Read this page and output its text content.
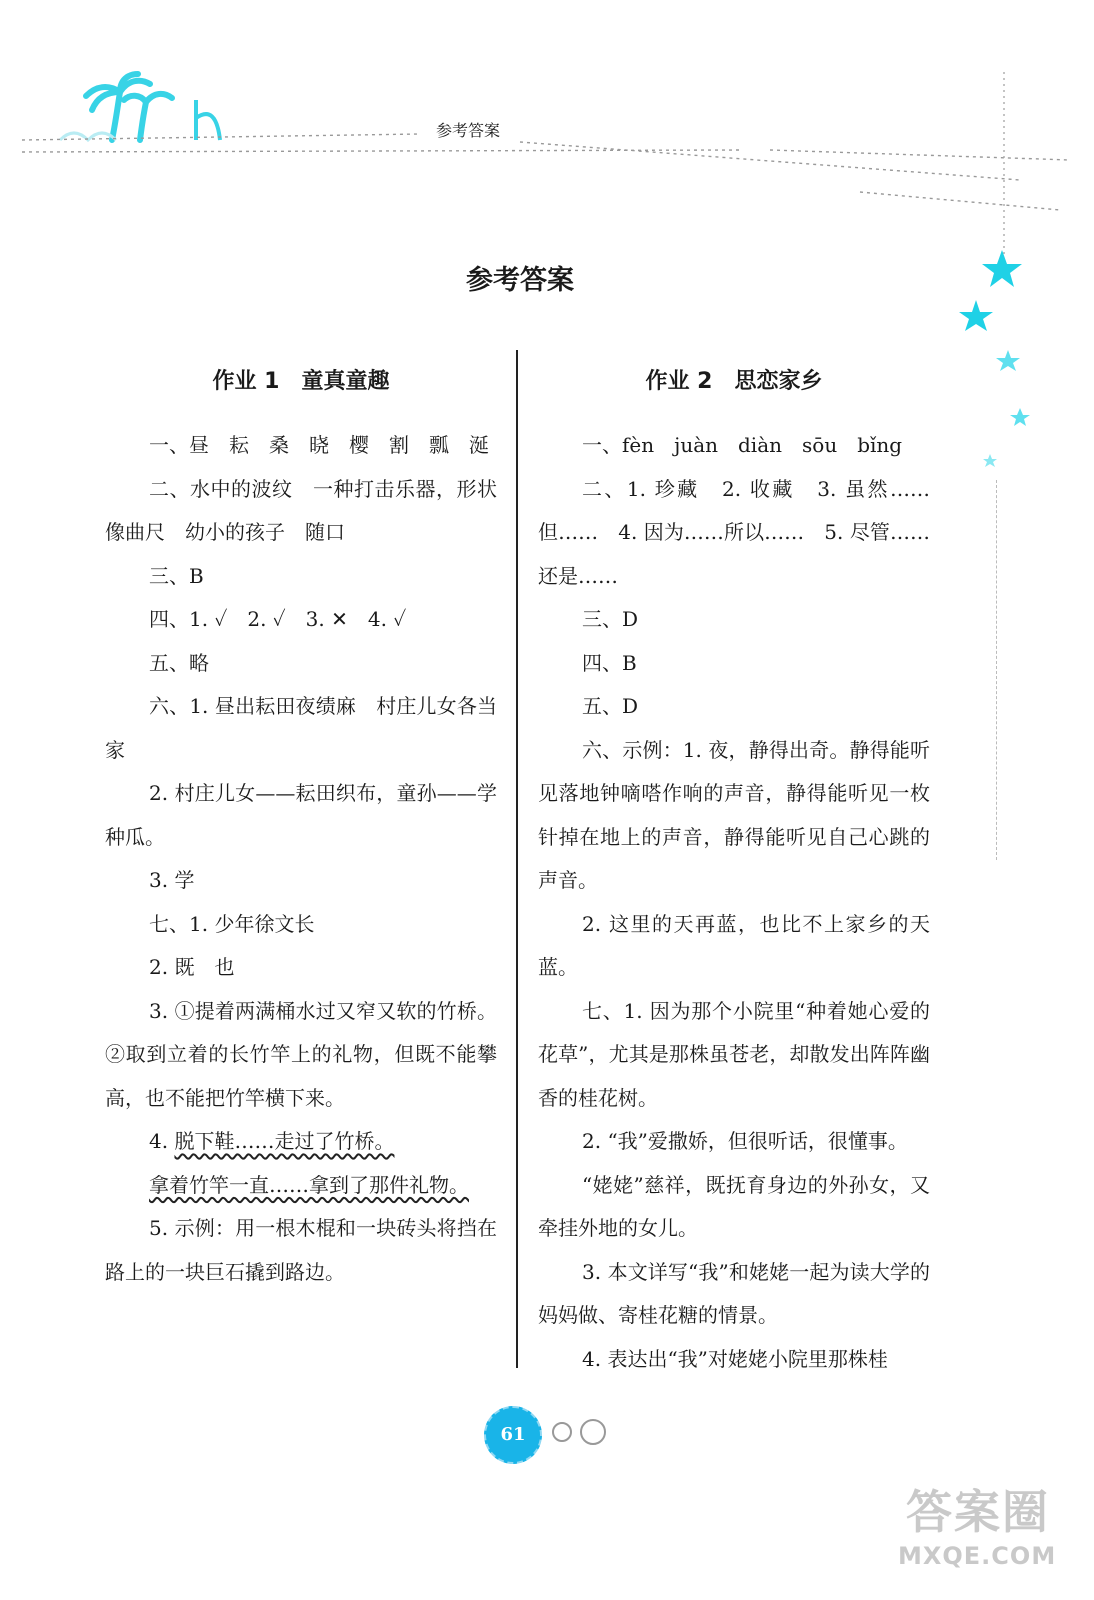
参考答案
参考答案
作业 1　童真童趣

一、昼　耘　桑　晓　樱　割　瓢　涎

二、水中的波纹　一种打击乐器，形状像曲尺　幼小的孩子　随口

三、B

四、1. ✓　2. ✓　3. ✕　4. ✓

五、略

六、1. 昼出耘田夜绩麻　村庄儿女各当家

2. 村庄儿女——耘田织布，童孙——学种瓜。

3. 学

七、1. 少年徐文长

2. 既　也

3. ①提着两满桶水过又窄又软的竹桥。②取到立着的长竹竿上的礼物，但既不能攀高，也不能把竹竿横下来。

4. 脱下鞋……走过了竹桥。

拿着竹竿一直……拿到了那件礼物。

5. 示例：用一根木棍和一块砖头将挡在路上的一块巨石撬到路边。

作业 2　思恋家乡

一、fèn　juàn　diàn　sōu　bǐng

二、1. 珍藏　2. 收藏　3. 虽然……但……　4. 因为……所以……　5. 尽管……还是……

三、D

四、B

五、D

六、示例：1. 夜，静得出奇。静得能听见落地钟嘀嗒作响的声音，静得能听见一枚针掉在地上的声音，静得能听见自己心跳的声音。

2. 这里的天再蓝，也比不上家乡的天蓝。

七、1. 因为那个小院里“种着她心爱的花草”，尤其是那株虽苍老，却散发出阵阵幽香的桂花树。

2. “我”爱撒娇，但很听话，很懂事。

“姥姥”慈祥，既抚育身边的外孙女，又牵挂外地的女儿。

3. 本文详写“我”和姥姥一起为读大学的妈妈做、寄桂花糖的情景。

4. 表达出“我”对姥姥小院里那株桂

61
答案圈
MXQE.COM
